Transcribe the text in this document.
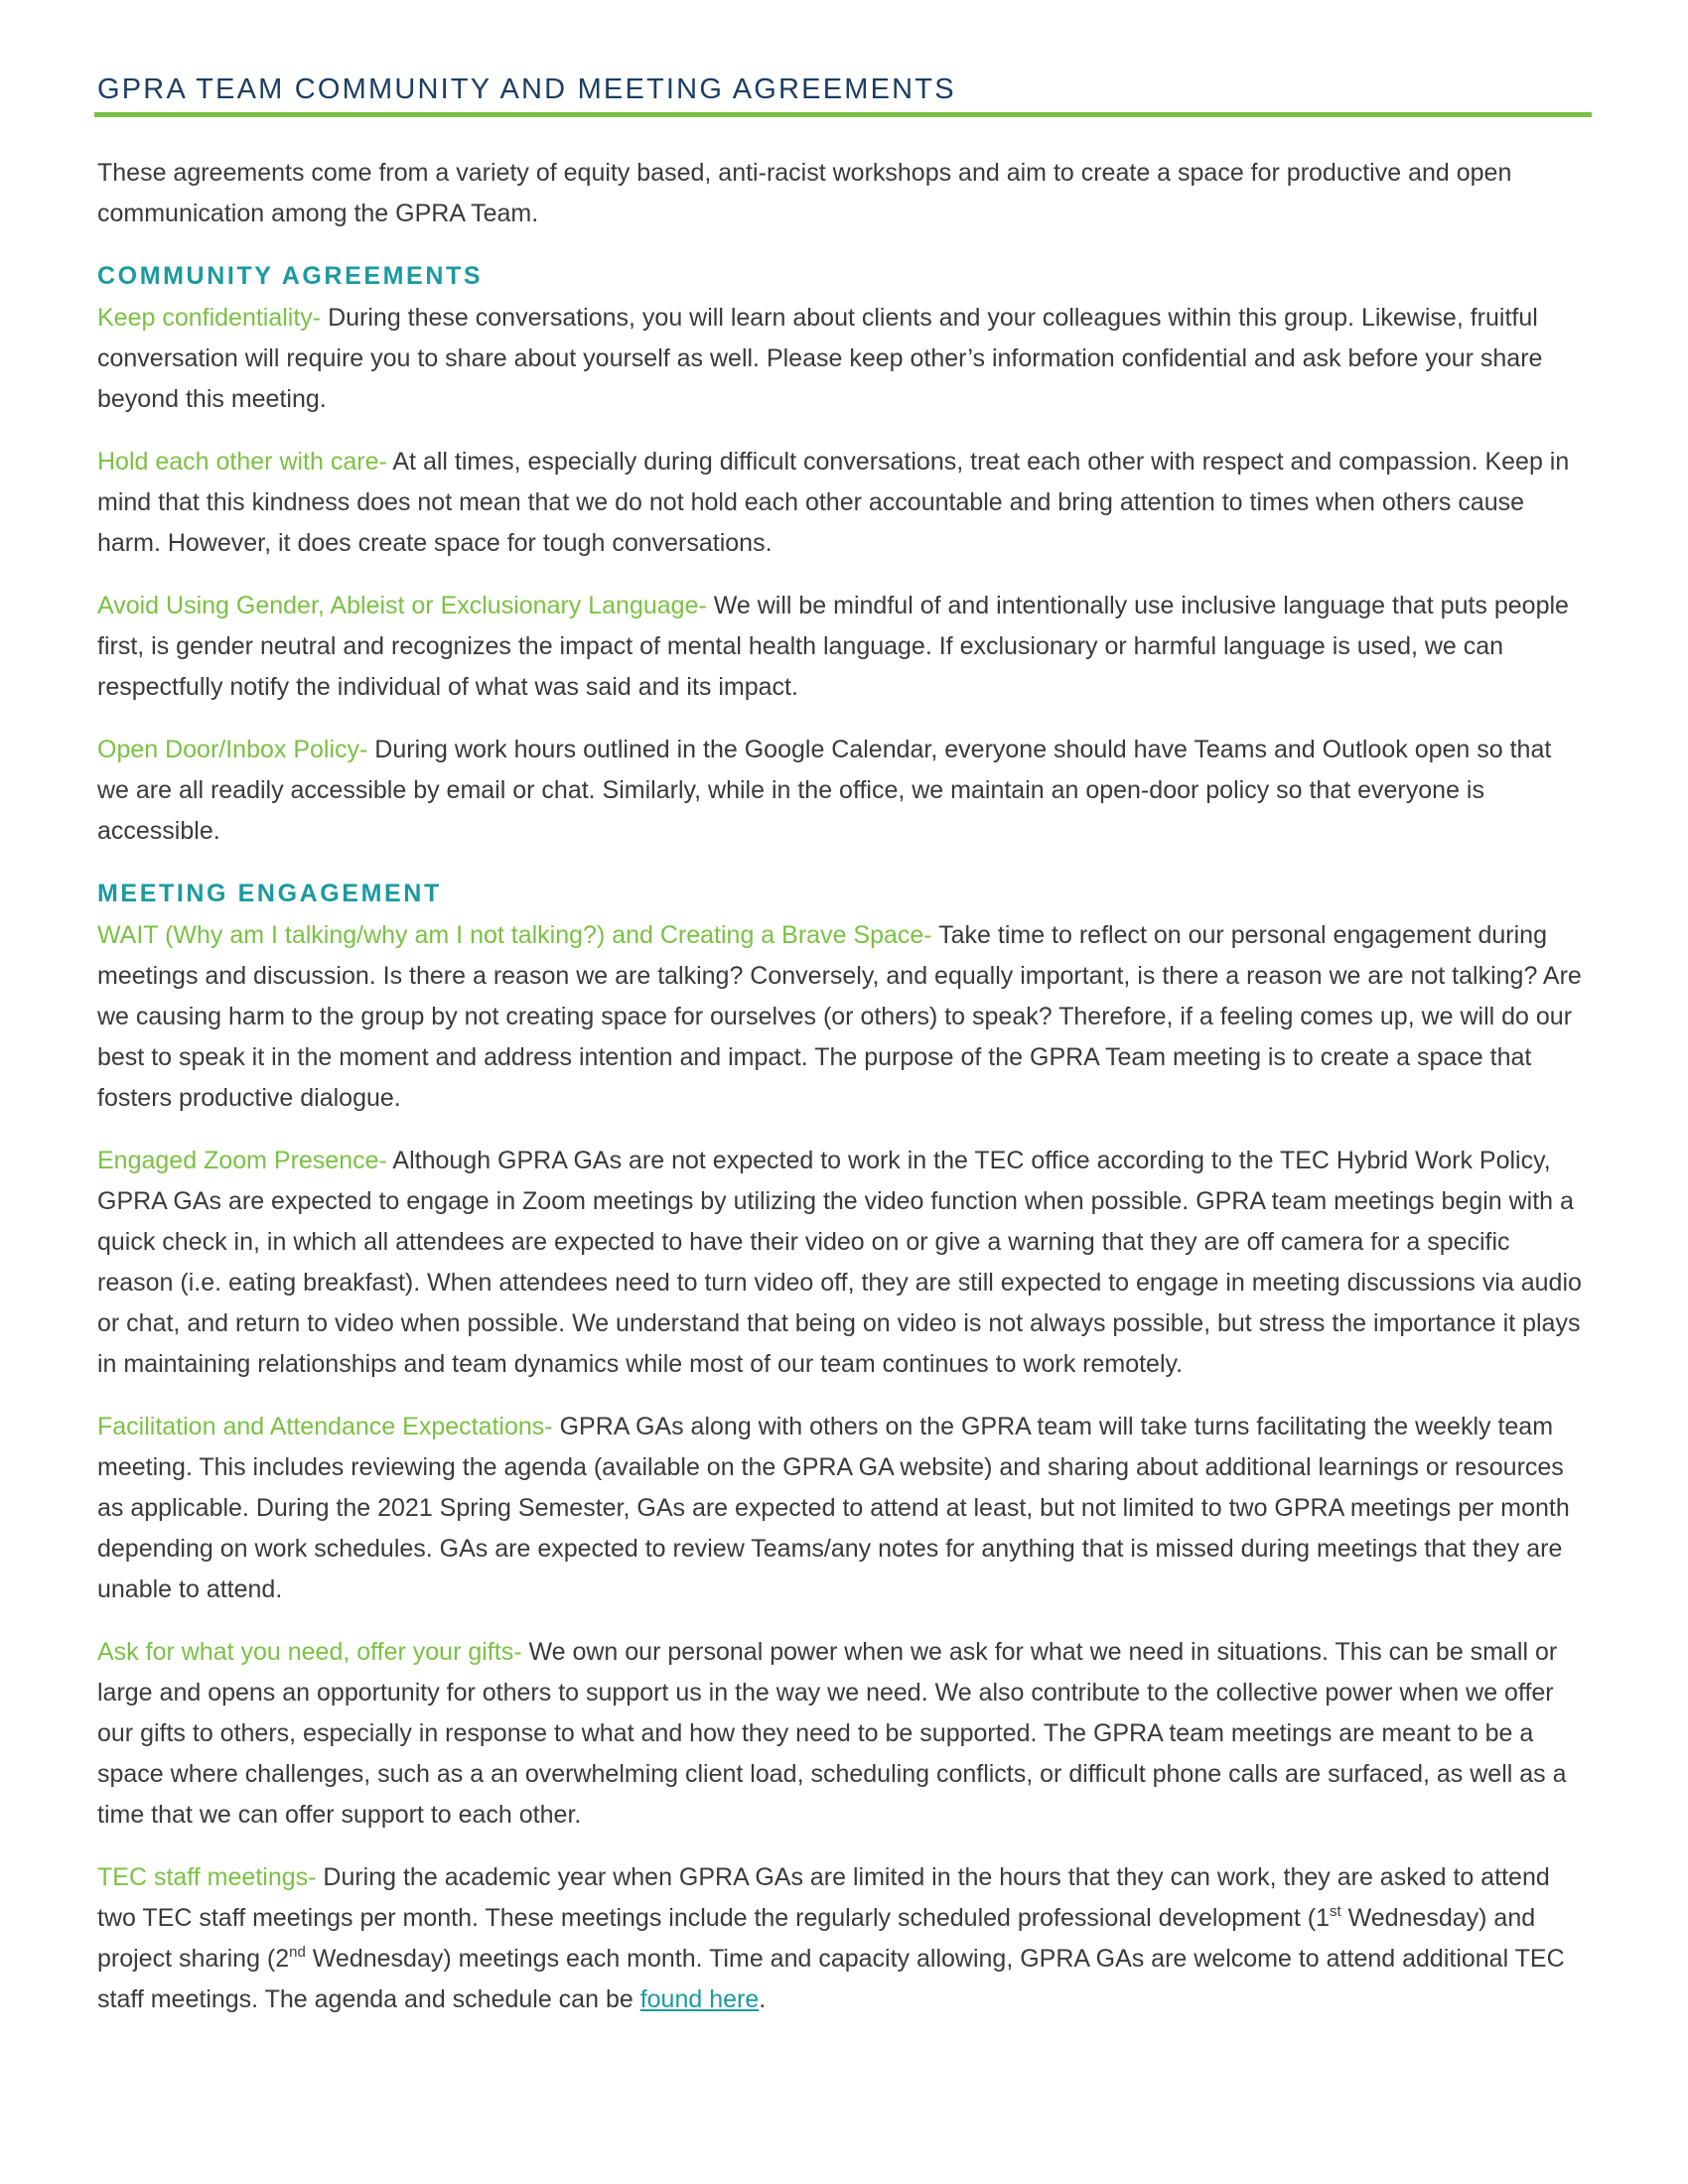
GPRA TEAM COMMUNITY AND MEETING AGREEMENTS

These agreements come from a variety of equity based, anti-racist workshops and aim to create a space for productive and open communication among the GPRA Team.

COMMUNITY AGREEMENTS

Keep confidentiality- During these conversations, you will learn about clients and your colleagues within this group. Likewise, fruitful conversation will require you to share about yourself as well. Please keep other’s information confidential and ask before your share beyond this meeting.

Hold each other with care- At all times, especially during difficult conversations, treat each other with respect and compassion. Keep in mind that this kindness does not mean that we do not hold each other accountable and bring attention to times when others cause harm. However, it does create space for tough conversations.

Avoid Using Gender, Ableist or Exclusionary Language- We will be mindful of and intentionally use inclusive language that puts people first, is gender neutral and recognizes the impact of mental health language. If exclusionary or harmful language is used, we can respectfully notify the individual of what was said and its impact.

Open Door/Inbox Policy- During work hours outlined in the Google Calendar, everyone should have Teams and Outlook open so that we are all readily accessible by email or chat. Similarly, while in the office, we maintain an open-door policy so that everyone is accessible.

MEETING ENGAGEMENT

WAIT (Why am I talking/why am I not talking?) and Creating a Brave Space- Take time to reflect on our personal engagement during meetings and discussion. Is there a reason we are talking? Conversely, and equally important, is there a reason we are not talking? Are we causing harm to the group by not creating space for ourselves (or others) to speak? Therefore, if a feeling comes up, we will do our best to speak it in the moment and address intention and impact. The purpose of the GPRA Team meeting is to create a space that fosters productive dialogue.

Engaged Zoom Presence- Although GPRA GAs are not expected to work in the TEC office according to the TEC Hybrid Work Policy, GPRA GAs are expected to engage in Zoom meetings by utilizing the video function when possible. GPRA team meetings begin with a quick check in, in which all attendees are expected to have their video on or give a warning that they are off camera for a specific reason (i.e. eating breakfast). When attendees need to turn video off, they are still expected to engage in meeting discussions via audio or chat, and return to video when possible. We understand that being on video is not always possible, but stress the importance it plays in maintaining relationships and team dynamics while most of our team continues to work remotely.

Facilitation and Attendance Expectations- GPRA GAs along with others on the GPRA team will take turns facilitating the weekly team meeting. This includes reviewing the agenda (available on the GPRA GA website) and sharing about additional learnings or resources as applicable. During the 2021 Spring Semester, GAs are expected to attend at least, but not limited to two GPRA meetings per month depending on work schedules. GAs are expected to review Teams/any notes for anything that is missed during meetings that they are unable to attend.

Ask for what you need, offer your gifts- We own our personal power when we ask for what we need in situations. This can be small or large and opens an opportunity for others to support us in the way we need. We also contribute to the collective power when we offer our gifts to others, especially in response to what and how they need to be supported. The GPRA team meetings are meant to be a space where challenges, such as a an overwhelming client load, scheduling conflicts, or difficult phone calls are surfaced, as well as a time that we can offer support to each other.

TEC staff meetings- During the academic year when GPRA GAs are limited in the hours that they can work, they are asked to attend two TEC staff meetings per month. These meetings include the regularly scheduled professional development (1st Wednesday) and project sharing (2nd Wednesday) meetings each month. Time and capacity allowing, GPRA GAs are welcome to attend additional TEC staff meetings. The agenda and schedule can be found here.
